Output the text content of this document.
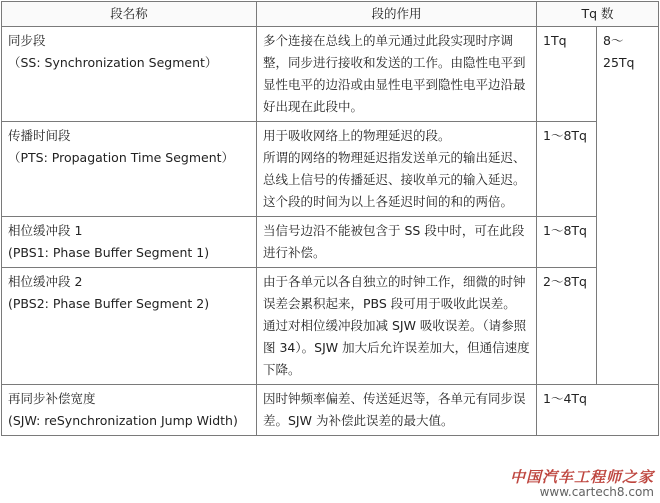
段名称	段的作用	Tq 数	

同步段
（SS: Synchronization Segment）	多个连接在总线上的单元通过此段实现时序调整，同步进行接收和发送的工作。由隐性电平到显性电平的边沿或由显性电平到隐性电平边沿最好出现在此段中。	1Tq	8～25Tq

传播时间段
（PTS: Propagation Time Segment）	用于吸收网络上的物理延迟的段。
所谓的网络的物理延迟指发送单元的输出延迟、总线上信号的传播延迟、接收单元的输入延迟。
这个段的时间为以上各延迟时间的和的两倍。	1～8Tq	

相位缓冲段 1
(PBS1: Phase Buffer Segment 1)	当信号边沿不能被包含于 SS 段中时，可在此段进行补偿。	1～8Tq	

相位缓冲段 2
(PBS2: Phase Buffer Segment 2)	由于各单元以各自独立的时钟工作，细微的时钟误差会累积起来，PBS 段可用于吸收此误差。
通过对相位缓冲段加减 SJW 吸收误差。（请参照图 34）。SJW 加大后允许误差加大，但通信速度下降。	2～8Tq	

再同步补偿宽度
(SJW: reSynchronization Jump Width)	因时钟频率偏差、传送延迟等，各单元有同步误差。SJW 为补偿此误差的最大值。	1～4Tq	
中国汽车工程师之家
www.cartech8.com
